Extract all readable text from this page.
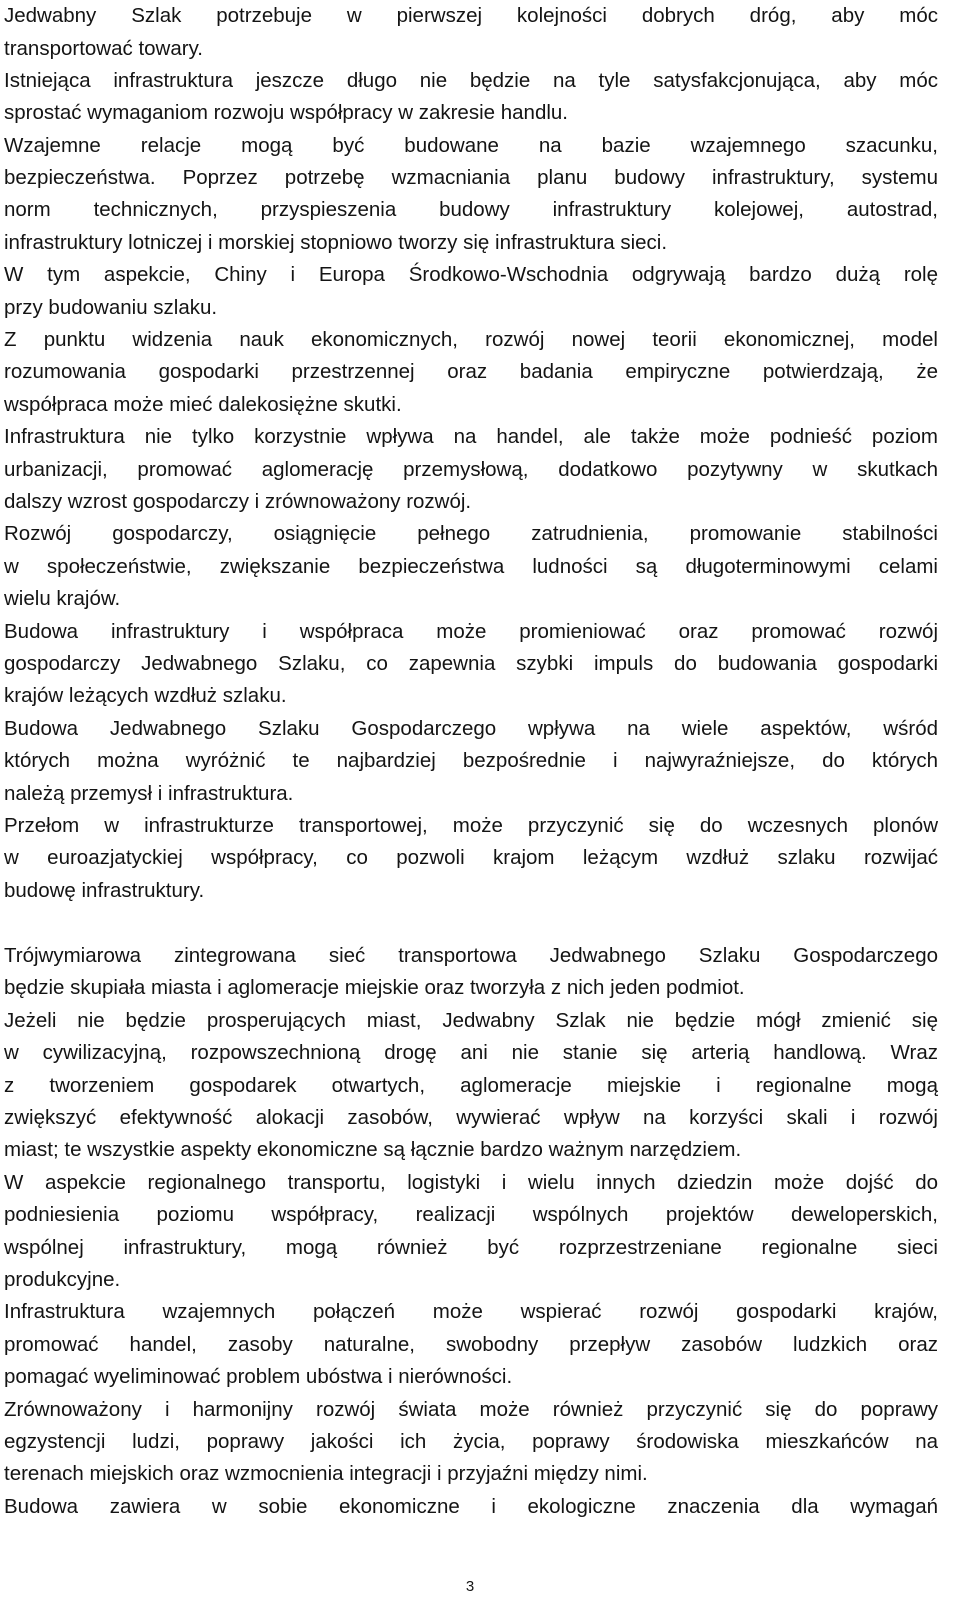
Jedwabny Szlak potrzebuje w pierwszej kolejności dobrych dróg, aby móc
transportować towary.
Istniejąca infrastruktura jeszcze długo nie będzie na tyle satysfakcjonująca, aby móc
sprostać wymaganiom rozwoju współpracy w zakresie handlu.
Wzajemne relacje mogą być budowane na bazie wzajemnego szacunku,
bezpieczeństwa. Poprzez potrzebę wzmacniania planu budowy infrastruktury, systemu
norm technicznych, przyspieszenia budowy infrastruktury kolejowej, autostrad,
infrastruktury lotniczej i morskiej stopniowo tworzy się infrastruktura sieci.
W tym aspekcie, Chiny i Europa Środkowo-Wschodnia odgrywają bardzo dużą rolę
przy budowaniu szlaku.
Z punktu widzenia nauk ekonomicznych, rozwój nowej teorii ekonomicznej, model
rozumowania gospodarki przestrzennej oraz badania empiryczne potwierdzają, że
współpraca może mieć dalekosiężne skutki.
Infrastruktura nie tylko korzystnie wpływa na handel, ale także może podnieść poziom
urbanizacji, promować aglomerację przemysłową, dodatkowo pozytywny w skutkach
dalszy wzrost gospodarczy i zrównoważony rozwój.
Rozwój gospodarczy, osiągnięcie pełnego zatrudnienia, promowanie stabilności
w społeczeństwie, zwiększanie bezpieczeństwa ludności są długoterminowymi celami
wielu krajów.
Budowa infrastruktury i współpraca może promieniować oraz promować rozwój
gospodarczy Jedwabnego Szlaku, co zapewnia szybki impuls do budowania gospodarki
krajów leżących wzdłuż szlaku.
Budowa Jedwabnego Szlaku Gospodarczego wpływa na wiele aspektów, wśród
których można wyróżnić te najbardziej bezpośrednie i najwyraźniejsze, do których
należą przemysł i infrastruktura.
Przełom w infrastrukturze transportowej, może przyczynić się do wczesnych plonów
w euroazjatyckiej współpracy, co pozwoli krajom leżącym wzdłuż szlaku rozwijać
budowę infrastruktury.
Trójwymiarowa zintegrowana sieć transportowa Jedwabnego Szlaku Gospodarczego
będzie skupiała miasta i aglomeracje miejskie oraz tworzyła z nich jeden podmiot.
Jeżeli nie będzie prosperujących miast, Jedwabny Szlak nie będzie mógł zmienić się
w cywilizacyjną, rozpowszechnioną drogę ani nie stanie się arterią handlową. Wraz
z tworzeniem gospodarek otwartych, aglomeracje miejskie i regionalne mogą
zwiększyć efektywność alokacji zasobów, wywierać wpływ na korzyści skali i rozwój
miast; te wszystkie aspekty ekonomiczne są łącznie bardzo ważnym narzędziem.
W aspekcie regionalnego transportu, logistyki i wielu innych dziedzin może dojść do
podniesienia poziomu współpracy, realizacji wspólnych projektów deweloperskich,
wspólnej infrastruktury, mogą również być rozprzestrzeniane regionalne sieci
produkcyjne.
Infrastruktura wzajemnych połączeń może wspierać rozwój gospodarki krajów,
promować handel, zasoby naturalne, swobodny przepływ zasobów ludzkich oraz
pomagać wyeliminować problem ubóstwa i nierówności.
Zrównoważony i harmonijny rozwój świata może również przyczynić się do poprawy
egzystencji ludzi, poprawy jakości ich życia, poprawy środowiska mieszkańców na
terenach miejskich oraz wzmocnienia integracji i przyjaźni między nimi.
Budowa zawiera w sobie ekonomiczne i ekologiczne znaczenia dla wymagań
3
